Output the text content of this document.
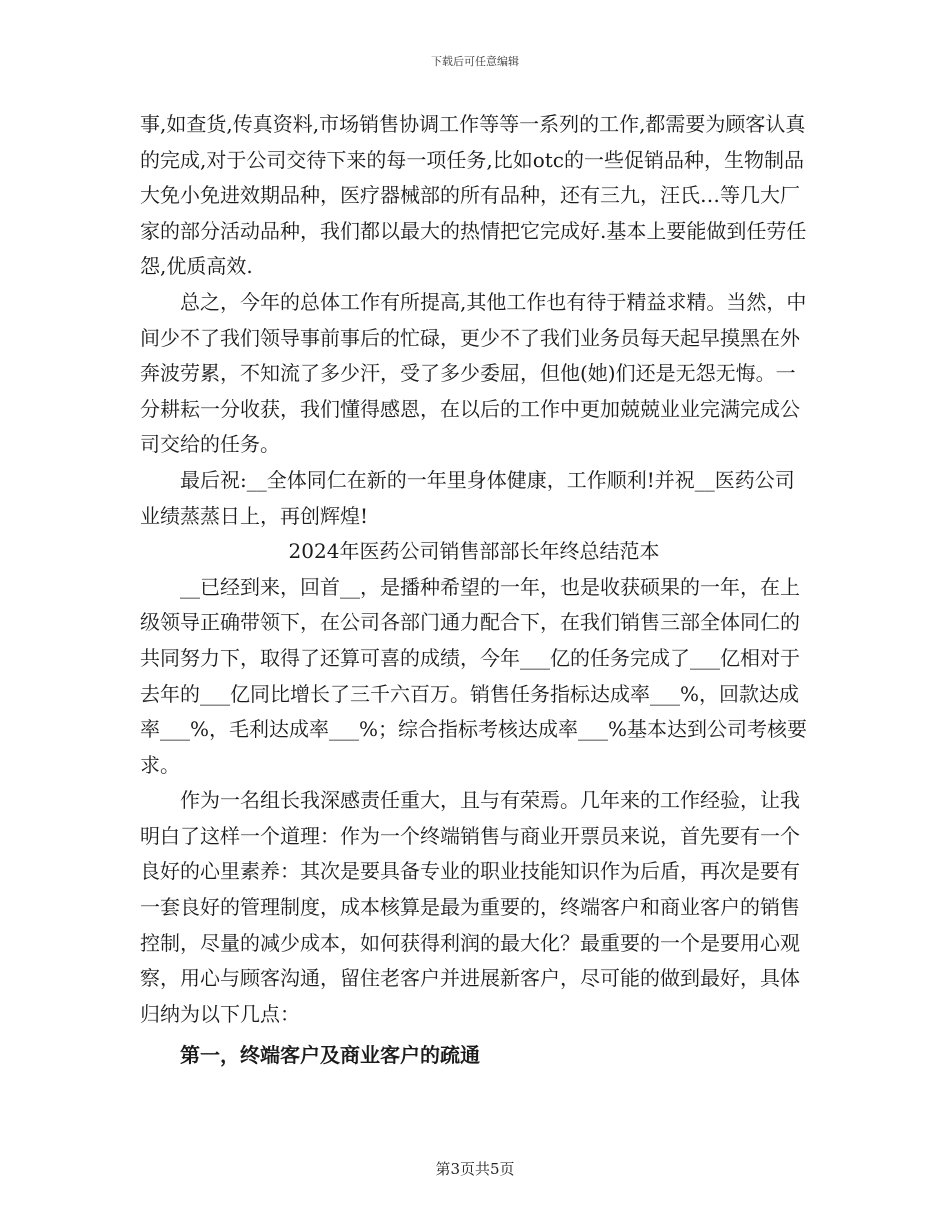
下载后可任意编辑

事,如查货,传真资料,市场销售协调工作等等一系列的工作,都需要为顾客认真的完成,对于公司交待下来的每一项任务,比如otc的一些促销品种，生物制品大免小免进效期品种，医疗器械部的所有品种，还有三九，汪氏…等几大厂家的部分活动品种，我们都以最大的热情把它完成好.基本上要能做到任劳任怨,优质高效.

总之，今年的总体工作有所提高,其他工作也有待于精益求精。当然，中间少不了我们领导事前事后的忙碌，更少不了我们业务员每天起早摸黑在外奔波劳累，不知流了多少汗，受了多少委屈，但他(她)们还是无怨无悔。一分耕耘一分收获，我们懂得感恩，在以后的工作中更加兢兢业业完满完成公司交给的任务。

最后祝:__全体同仁在新的一年里身体健康，工作顺利!并祝__医药公司业绩蒸蒸日上，再创辉煌!

2024年医药公司销售部部长年终总结范本

__已经到来，回首__，是播种希望的一年，也是收获硕果的一年，在上级领导正确带领下，在公司各部门通力配合下，在我们销售三部全体同仁的共同努力下，取得了还算可喜的成绩，今年___亿的任务完成了___亿相对于去年的___亿同比增长了三千六百万。销售任务指标达成率___%，回款达成率___%，毛利达成率___%；综合指标考核达成率___%基本达到公司考核要求。

作为一名组长我深感责任重大，且与有荣焉。几年来的工作经验，让我明白了这样一个道理：作为一个终端销售与商业开票员来说，首先要有一个良好的心里素养：其次是要具备专业的职业技能知识作为后盾，再次是要有一套良好的管理制度，成本核算是最为重要的，终端客户和商业客户的销售控制，尽量的减少成本，如何获得利润的最大化？最重要的一个是要用心观察，用心与顾客沟通，留住老客户并进展新客户，尽可能的做到最好，具体归纳为以下几点：

第一，终端客户及商业客户的疏通

第3页共5页
